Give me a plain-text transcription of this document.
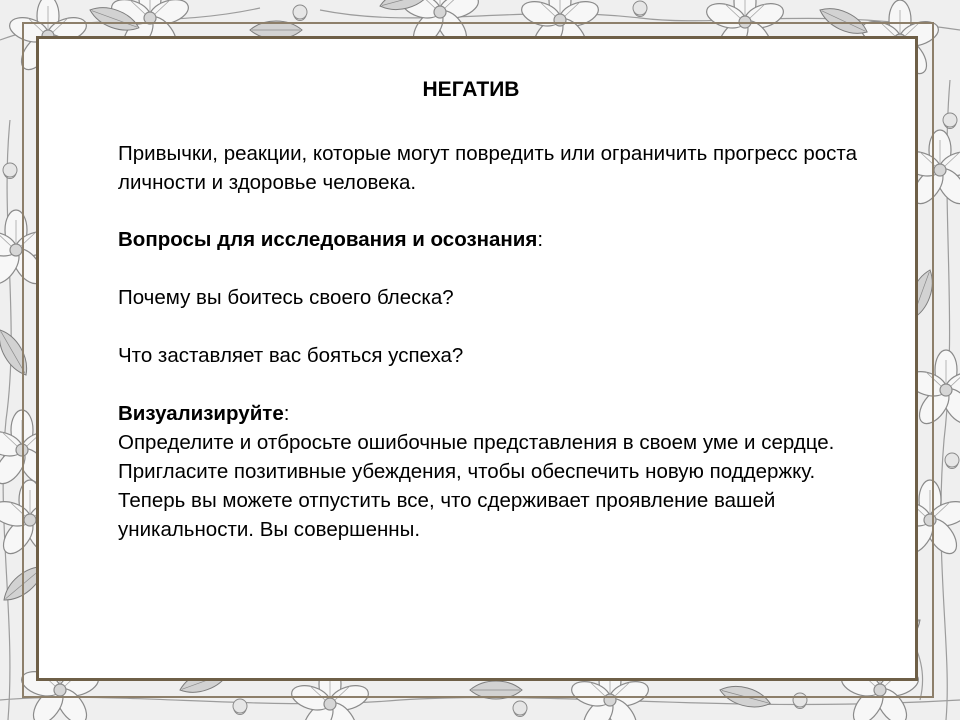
НЕГАТИВ
Привычки, реакции, которые могут повредить или ограничить прогресс роста личности и здоровье человека.
Вопросы для исследования и осознания:
Почему вы боитесь своего блеска?
Что заставляет вас бояться успеха?
Визуализируйте:
Определите и отбросьте ошибочные представления в своем уме и сердце. Пригласите позитивные убеждения, чтобы обеспечить новую поддержку. Теперь вы можете отпустить все, что сдерживает проявление вашей уникальности. Вы совершенны.
